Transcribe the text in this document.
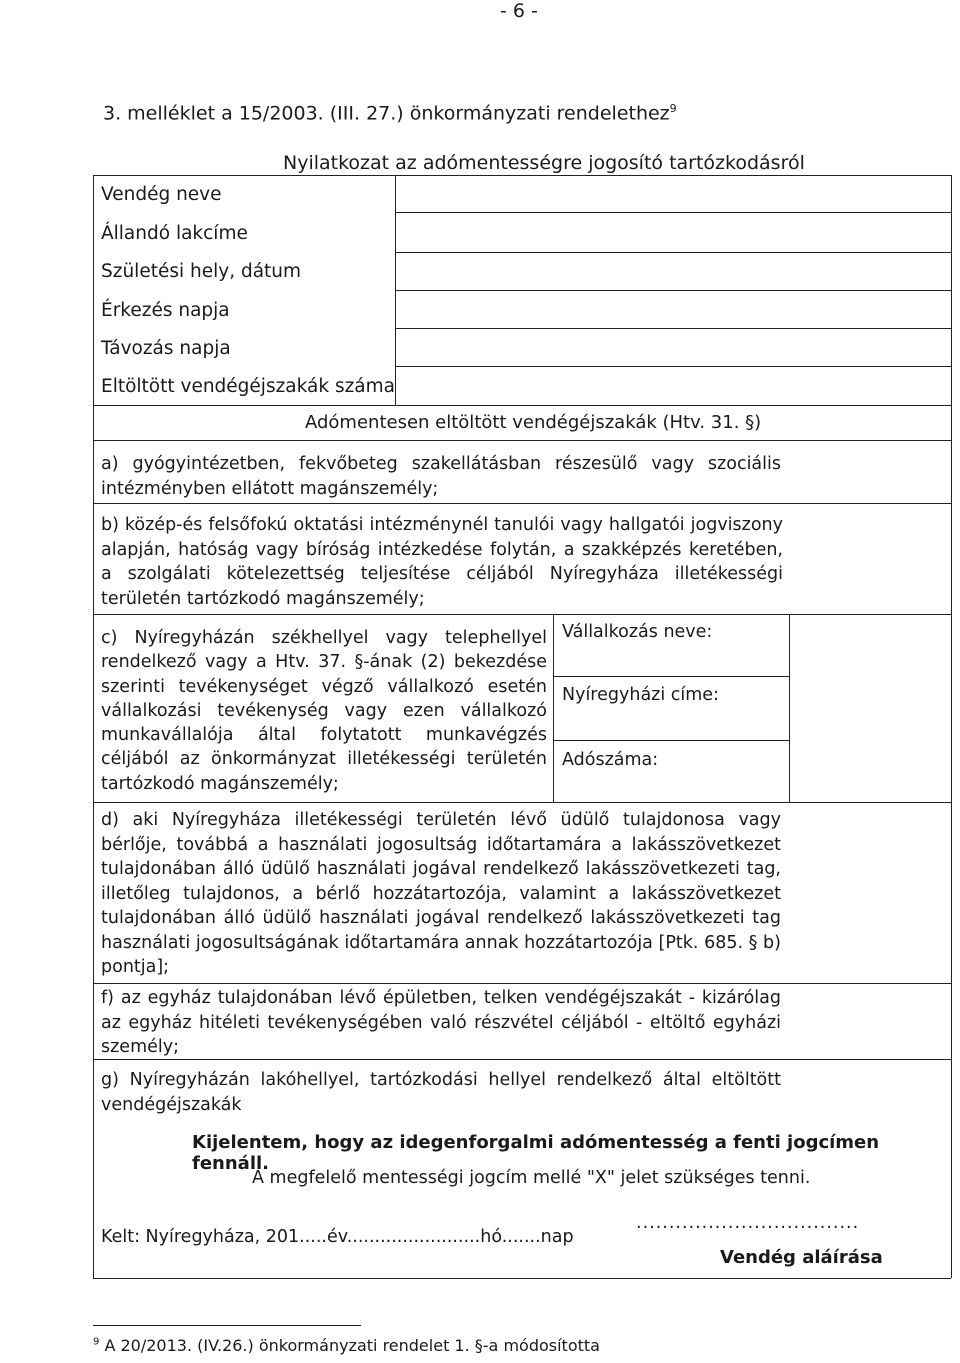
- 6 -
3. melléklet a 15/2003. (III. 27.) önkormányzati rendelethez$^9$
Nyilatkozat az adómentességre jogosító tartózkodásról
Vendég neve
Állandó lakcíme
Születési hely, dátum
Érkezés napja
Távozás napja
Eltöltött vendégéjszakák száma
Adómentesen eltöltött vendégéjszakák (Htv. 31. §)
a) gyógyintézetben, fekvőbeteg szakellátásban részesülő vagy szociális intézményben ellátott magánszemély;
b) közép-és felsőfokú oktatási intézménynél tanulói vagy hallgatói jogviszony alapján, hatóság vagy bíróság intézkedése folytán, a szakképzés keretében, a szolgálati kötelezettség teljesítése céljából Nyíregyháza illetékességi területén tartózkodó magánszemély;
c) Nyíregyházán székhellyel vagy telephellyel rendelkező vagy a Htv. 37. §-ának (2) bekezdése szerinti tevékenységet végző vállalkozó esetén vállalkozási tevékenység vagy ezen vállalkozó munkavállalója által folytatott munkavégzés céljából az önkormányzat illetékességi területén tartózkodó magánszemély;
Vállalkozás neve:
Nyíregyházi címe:
Adószáma:
d) aki Nyíregyháza illetékességi területén lévő üdülő tulajdonosa vagy bérlője, továbbá a használati jogosultság időtartamára a lakásszövetkezet tulajdonában álló üdülő használati jogával rendelkező lakásszövetkezeti tag, illetőleg tulajdonos, a bérlő hozzátartozója, valamint a lakásszövetkezet tulajdonában álló üdülő használati jogával rendelkező lakásszövetkezeti tag használati jogosultságának időtartamára annak hozzátartozója [Ptk. 685. § b) pontja];
f) az egyház tulajdonában lévő épületben, telken vendégéjszakát - kizárólag az egyház hitéleti tevékenységében való részvétel céljából - eltöltő egyházi személy;
g) Nyíregyházán lakóhellyel, tartózkodási hellyel rendelkező által eltöltött vendégéjszakák
Kijelentem, hogy az idegenforgalmi adómentesség a fenti jogcímen fennáll.
A megfelelő mentességi jogcím mellé "X" jelet szükséges tenni.
Kelt: Nyíregyháza, 201.....év........................hó.......nap
..................................
Vendég aláírása
$^9$ A 20/2013. (IV.26.) önkormányzati rendelet 1. §-a módosította
